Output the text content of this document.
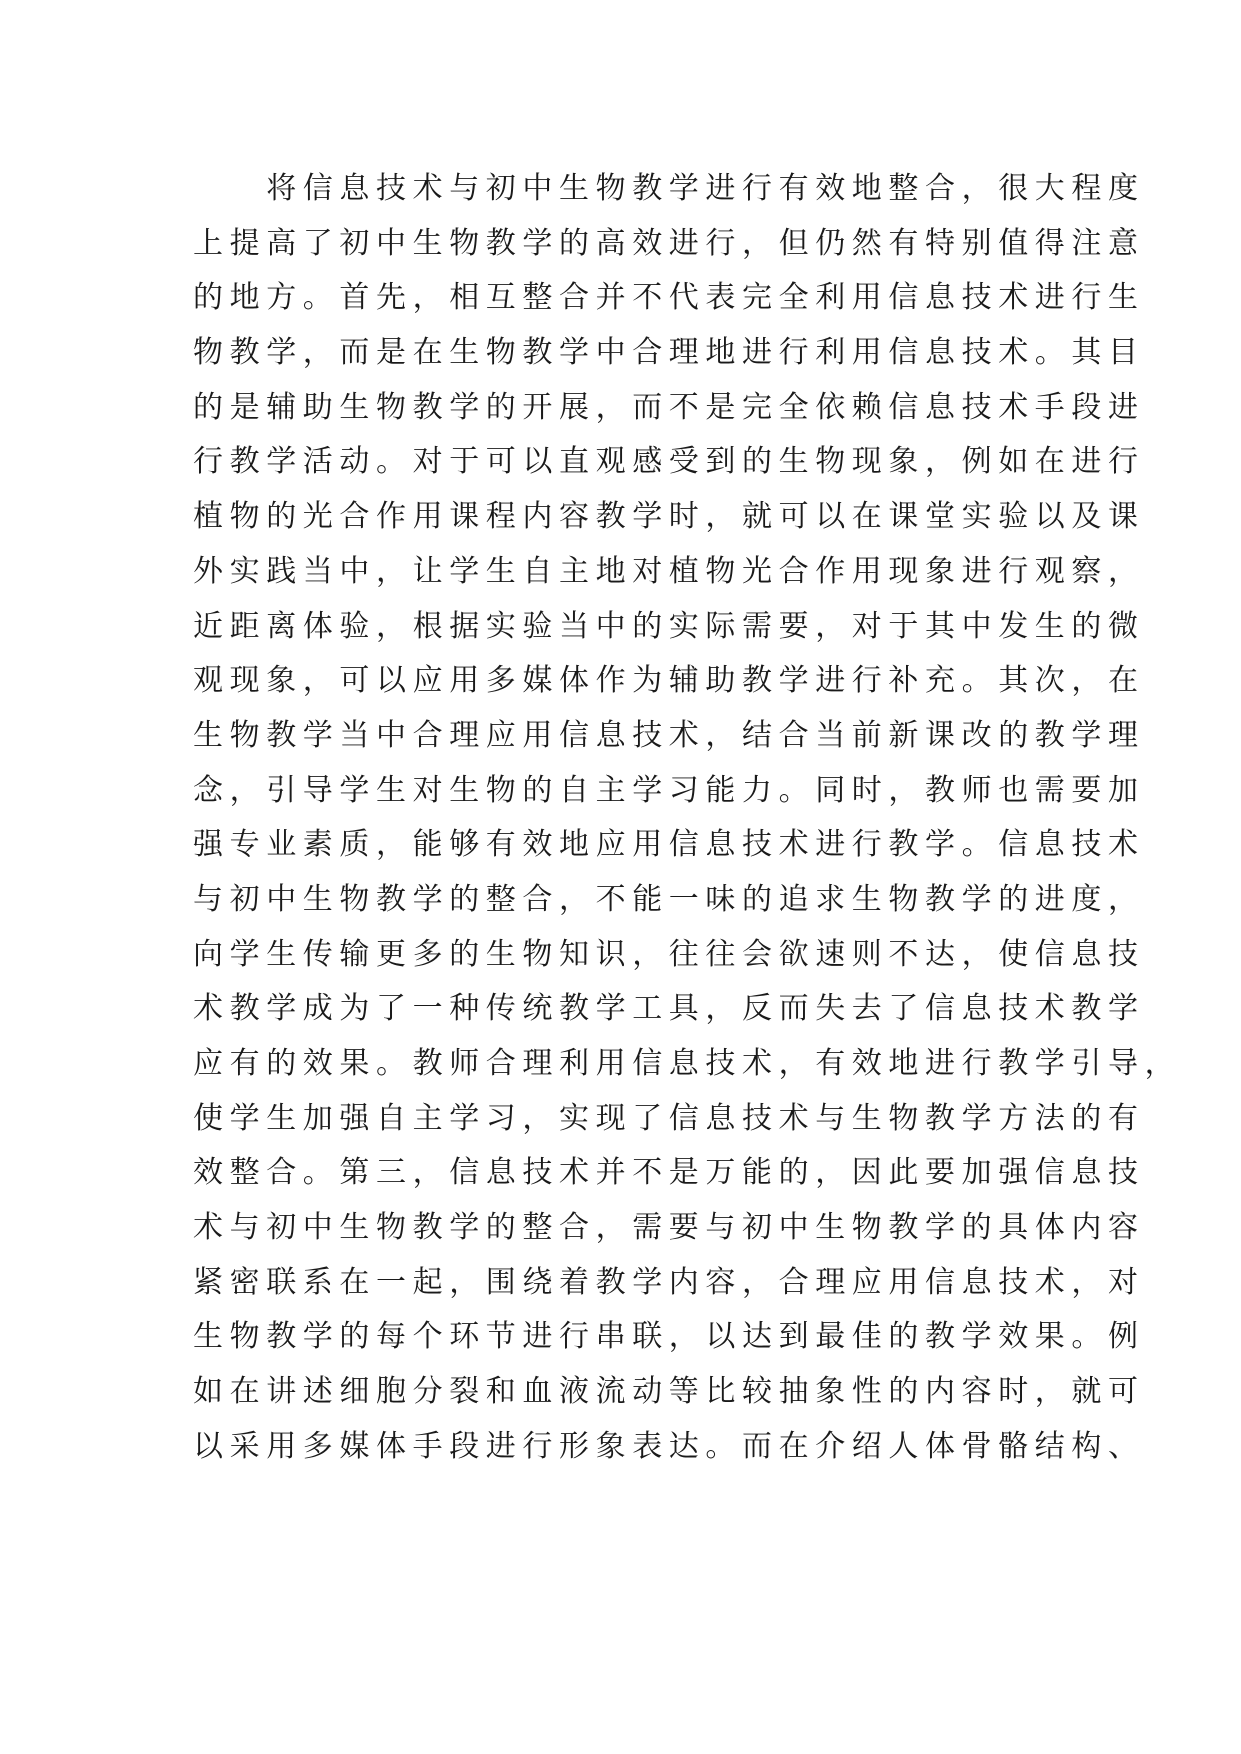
　　将信息技术与初中生物教学进行有效地整合，很大程度
上提高了初中生物教学的高效进行，但仍然有特别值得注意
的地方。首先，相互整合并不代表完全利用信息技术进行生
物教学，而是在生物教学中合理地进行利用信息技术。其目
的是辅助生物教学的开展，而不是完全依赖信息技术手段进
行教学活动。对于可以直观感受到的生物现象，例如在进行
植物的光合作用课程内容教学时，就可以在课堂实验以及课
外实践当中，让学生自主地对植物光合作用现象进行观察，
近距离体验，根据实验当中的实际需要，对于其中发生的微
观现象，可以应用多媒体作为辅助教学进行补充。其次，在
生物教学当中合理应用信息技术，结合当前新课改的教学理
念，引导学生对生物的自主学习能力。同时，教师也需要加
强专业素质，能够有效地应用信息技术进行教学。信息技术
与初中生物教学的整合，不能一味的追求生物教学的进度，
向学生传输更多的生物知识，往往会欲速则不达，使信息技
术教学成为了一种传统教学工具，反而失去了信息技术教学
应有的效果。教师合理利用信息技术，有效地进行教学引导，
使学生加强自主学习，实现了信息技术与生物教学方法的有
效整合。第三，信息技术并不是万能的，因此要加强信息技
术与初中生物教学的整合，需要与初中生物教学的具体内容
紧密联系在一起，围绕着教学内容，合理应用信息技术，对
生物教学的每个环节进行串联，以达到最佳的教学效果。例
如在讲述细胞分裂和血液流动等比较抽象性的内容时，就可
以采用多媒体手段进行形象表达。而在介绍人体骨骼结构、
